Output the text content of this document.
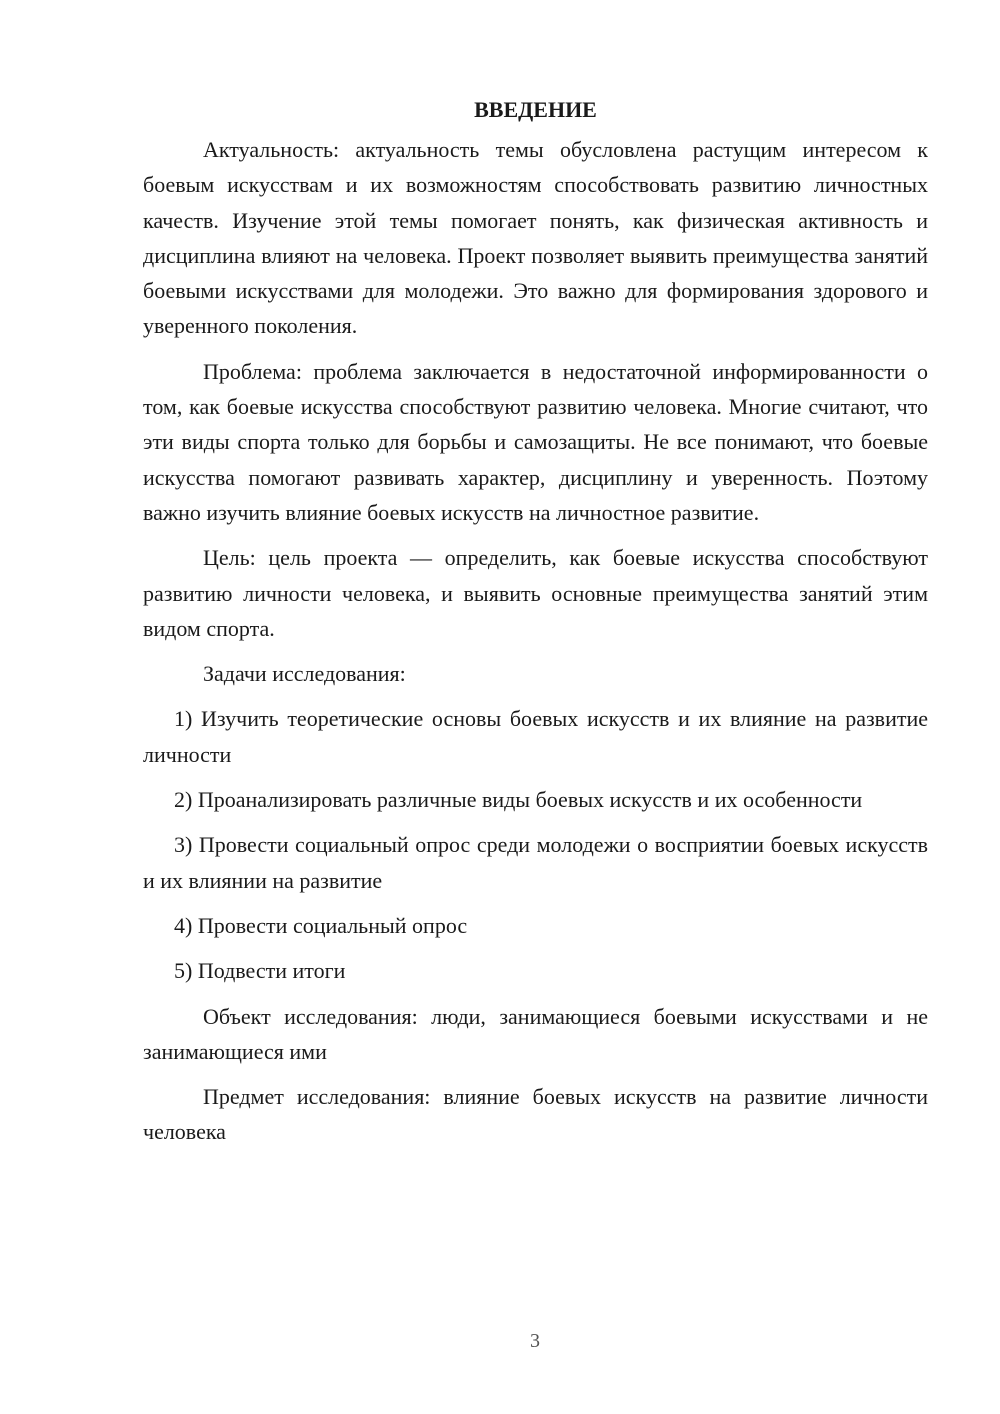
ВВЕДЕНИЕ

Актуальность: актуальность темы обусловлена растущим интересом к боевым искусствам и их возможностям способствовать развитию личностных качеств. Изучение этой темы помогает понять, как физическая активность и дисциплина влияют на человека. Проект позволяет выявить преимущества занятий боевыми искусствами для молодежи. Это важно для формирования здорового и уверенного поколения.

Проблема: проблема заключается в недостаточной информированности о том, как боевые искусства способствуют развитию человека. Многие считают, что эти виды спорта только для борьбы и самозащиты. Не все понимают, что боевые искусства помогают развивать характер, дисциплину и уверенность. Поэтому важно изучить влияние боевых искусств на личностное развитие.

Цель: цель проекта — определить, как боевые искусства способствуют развитию личности человека, и выявить основные преимущества занятий этим видом спорта.

Задачи исследования:

1) Изучить теоретические основы боевых искусств и их влияние на развитие личности

2) Проанализировать различные виды боевых искусств и их особенности

3) Провести социальный опрос среди молодежи о восприятии боевых искусств и их влиянии на развитие

4) Провести социальный опрос

5) Подвести итоги

Объект исследования: люди, занимающиеся боевыми искусствами и не занимающиеся ими

Предмет исследования: влияние боевых искусств на развитие личности человека

3
